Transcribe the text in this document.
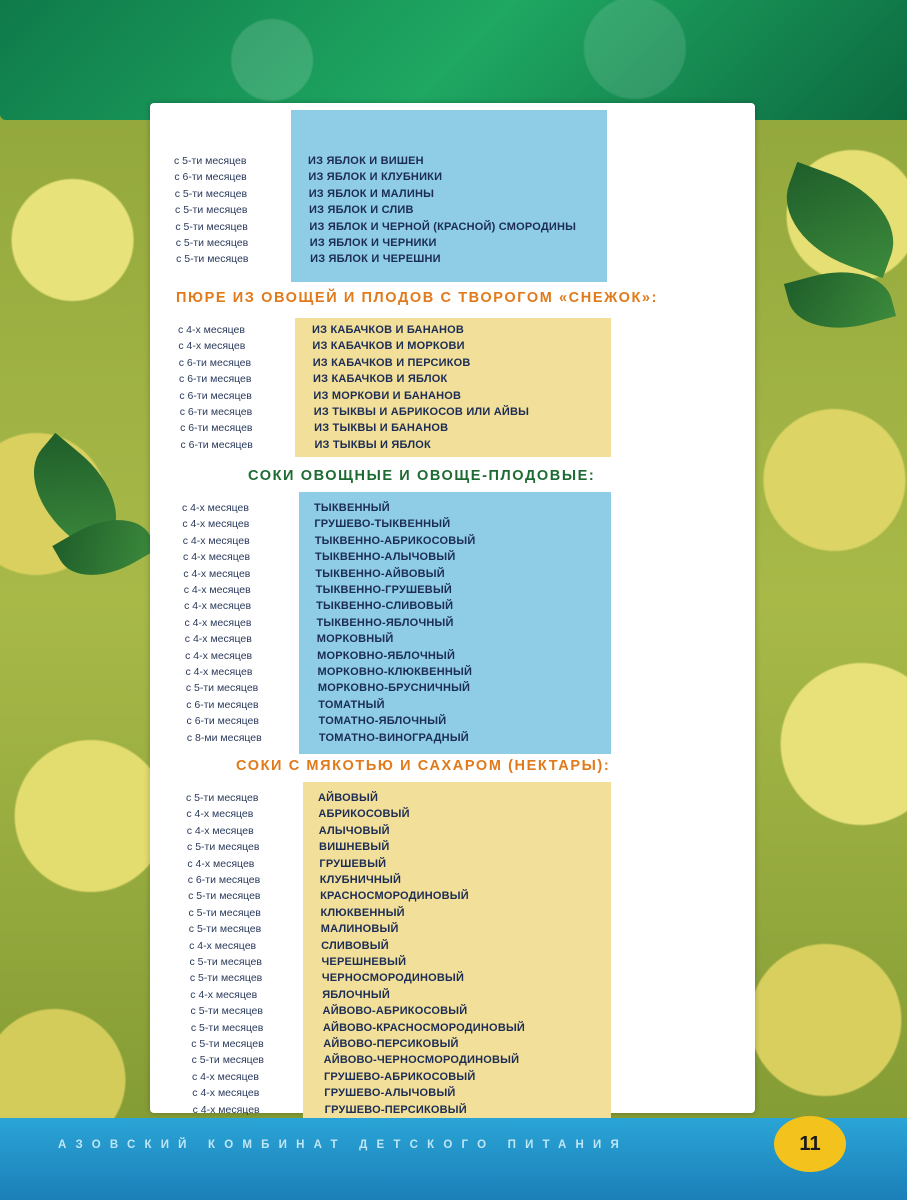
с 5-ти месяцев	ИЗ ЯБЛОК И ВИШЕН
с 6-ти месяцев	ИЗ ЯБЛОК И КЛУБНИКИ
с 5-ти месяцев	ИЗ ЯБЛОК И МАЛИНЫ
с 5-ти месяцев	ИЗ ЯБЛОК И СЛИВ
с 5-ти месяцев	ИЗ ЯБЛОК И ЧЕРНОЙ (КРАСНОЙ) СМОРОДИНЫ
с 5-ти месяцев	ИЗ ЯБЛОК И ЧЕРНИКИ
с 5-ти месяцев	ИЗ ЯБЛОК И ЧЕРЕШНИ
ПЮРЕ ИЗ ОВОЩЕЙ И ПЛОДОВ С ТВОРОГОМ «СНЕЖОК»:
с 4-х месяцев	ИЗ КАБАЧКОВ И БАНАНОВ
с 4-х месяцев	ИЗ КАБАЧКОВ И МОРКОВИ
с 6-ти месяцев	ИЗ КАБАЧКОВ И ПЕРСИКОВ
с 6-ти месяцев	ИЗ КАБАЧКОВ И ЯБЛОК
с 6-ти месяцев	ИЗ МОРКОВИ И БАНАНОВ
с 6-ти месяцев	ИЗ ТЫКВЫ И АБРИКОСОВ ИЛИ АЙВЫ
с 6-ти месяцев	ИЗ ТЫКВЫ И БАНАНОВ
с 6-ти месяцев	ИЗ ТЫКВЫ И ЯБЛОК
СОКИ ОВОЩНЫЕ И ОВОЩЕ-ПЛОДОВЫЕ:
с 4-х месяцев	ТЫКВЕННЫЙ
с 4-х месяцев	ГРУШЕВО-ТЫКВЕННЫЙ
с 4-х месяцев	ТЫКВЕННО-АБРИКОСОВЫЙ
с 4-х месяцев	ТЫКВЕННО-АЛЫЧОВЫЙ
с 4-х месяцев	ТЫКВЕННО-АЙВОВЫЙ
с 4-х месяцев	ТЫКВЕННО-ГРУШЕВЫЙ
с 4-х месяцев	ТЫКВЕННО-СЛИВОВЫЙ
с 4-х месяцев	ТЫКВЕННО-ЯБЛОЧНЫЙ
с 4-х месяцев	МОРКОВНЫЙ
с 4-х месяцев	МОРКОВНО-ЯБЛОЧНЫЙ
с 4-х месяцев	МОРКОВНО-КЛЮКВЕННЫЙ
с 5-ти месяцев	МОРКОВНО-БРУСНИЧНЫЙ
с 6-ти месяцев	ТОМАТНЫЙ
с 6-ти месяцев	ТОМАТНО-ЯБЛОЧНЫЙ
с 8-ми месяцев	ТОМАТНО-ВИНОГРАДНЫЙ
СОКИ С МЯКОТЬЮ И САХАРОМ (НЕКТАРЫ):
с 5-ти месяцев	АЙВОВЫЙ
с 4-х месяцев	АБРИКОСОВЫЙ
с 4-х месяцев	АЛЫЧОВЫЙ
с 5-ти месяцев	ВИШНЕВЫЙ
с 4-х месяцев	ГРУШЕВЫЙ
с 6-ти месяцев	КЛУБНИЧНЫЙ
с 5-ти месяцев	КРАСНОСМОРОДИНОВЫЙ
с 5-ти месяцев	КЛЮКВЕННЫЙ
с 5-ти месяцев	МАЛИНОВЫЙ
с 4-х месяцев	СЛИВОВЫЙ
с 5-ти месяцев	ЧЕРЕШНЕВЫЙ
с 5-ти месяцев	ЧЕРНОСМОРОДИНОВЫЙ
с 4-х месяцев	ЯБЛОЧНЫЙ
с 5-ти месяцев	АЙВОВО-АБРИКОСОВЫЙ
с 5-ти месяцев	АЙВОВО-КРАСНОСМОРОДИНОВЫЙ
с 5-ти месяцев	АЙВОВО-ПЕРСИКОВЫЙ
с 5-ти месяцев	АЙВОВО-ЧЕРНОСМОРОДИНОВЫЙ
с 4-х месяцев	ГРУШЕВО-АБРИКОСОВЫЙ
с 4-х месяцев	ГРУШЕВО-АЛЫЧОВЫЙ
с 4-х месяцев	ГРУШЕВО-ПЕРСИКОВЫЙ
АЗОВСКИЙ КОМБИНАТ ДЕТСКОГО ПИТАНИЯ	11
